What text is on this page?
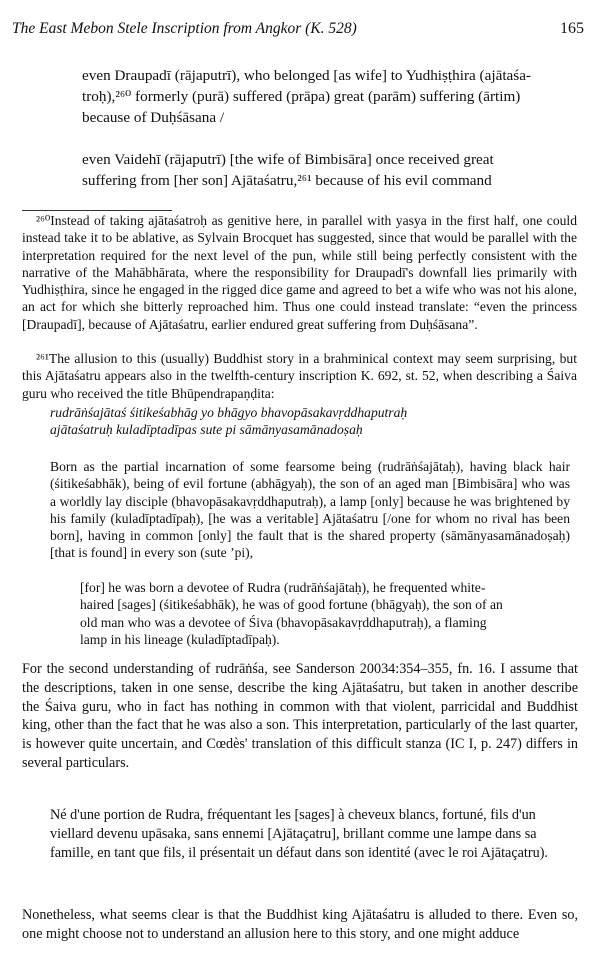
The East Mebon Stele Inscription from Angkor (K. 528)	165

even Draupadī (rājaputrī), who belonged [as wife] to Yudhiṣṭhira (ajātaśa-

troḥ),²⁶⁰ formerly (purā) suffered (prāpa) great (parām) suffering (ārtim)

because of Duḥśāsana /

even Vaidehī (rājaputrī) [the wife of Bimbisāra] once received great

suffering from [her son] Ajātaśatru,²⁶¹ because of his evil command

²⁶⁰Instead of taking ajātaśatroḥ as genitive here, in parallel with yasya in the first half, one could instead take it to be ablative, as Sylvain Brocquet has suggested, since that would be parallel with the interpretation required for the next level of the pun, while still being perfectly consistent with the narrative of the Mahābhārata, where the responsibility for Draupadī's downfall lies primarily with Yudhiṣṭhira, since he engaged in the rigged dice game and agreed to bet a wife who was not his alone, an act for which she bitterly reproached him. Thus one could instead translate: “even the princess [Draupadī], because of Ajātaśatru, earlier endured great suffering from Duḥśāsana”.

²⁶¹The allusion to this (usually) Buddhist story in a brahminical context may seem surprising, but this Ajātaśatru appears also in the twelfth-century inscription K. 692, st. 52, when describing a Śaiva guru who received the title Bhūpendrapaṇḍita:

rudrāṅśajātaś śitikeśabhāg yo bhāgyo bhavopāsakavṛddhaputraḥ

ajātaśatruḥ kuladīptadīpas sute pi sāmānyasamānadoṣaḥ

Born as the partial incarnation of some fearsome being (rudrāṅśajātaḥ), having black hair (śitikeśabhāk), being of evil fortune (abhāgyaḥ), the son of an aged man [Bimbisāra] who was a worldly lay disciple (bhavopāsakavṛddhaputraḥ), a lamp [only] because he was brightened by his family (kuladīptadīpaḥ), [he was a veritable] Ajātaśatru [/one for whom no rival has been born], having in common [only] the fault that is the shared property (sāmānyasamānadoṣaḥ) [that is found] in every son (sute ’pi),

[for] he was born a devotee of Rudra (rudrāṅśajātaḥ), he frequented white-haired [sages] (śitikeśabhāk), he was of good fortune (bhāgyaḥ), the son of an old man who was a devotee of Śiva (bhavopāsakavṛddhaputraḥ), a flaming lamp in his lineage (kuladīptadīpaḥ).

For the second understanding of rudrāṅśa, see Sanderson 20034:354–355, fn. 16. I assume that the descriptions, taken in one sense, describe the king Ajātaśatru, but taken in another describe the Śaiva guru, who in fact has nothing in common with that violent, parricidal and Buddhist king, other than the fact that he was also a son. This interpretation, particularly of the last quarter, is however quite uncertain, and Cœdès' translation of this difficult stanza (IC I, p. 247) differs in several particulars.

Né d'une portion de Rudra, fréquentant les [sages] à cheveux blancs, fortuné, fils d'un viellard devenu upāsaka, sans ennemi [Ajātaçatru], brillant comme une lampe dans sa famille, en tant que fils, il présentait un défaut dans son identité (avec le roi Ajātaçatru).

Nonetheless, what seems clear is that the Buddhist king Ajātaśatru is alluded to there. Even so, one might choose not to understand an allusion here to this story, and one might adduce
